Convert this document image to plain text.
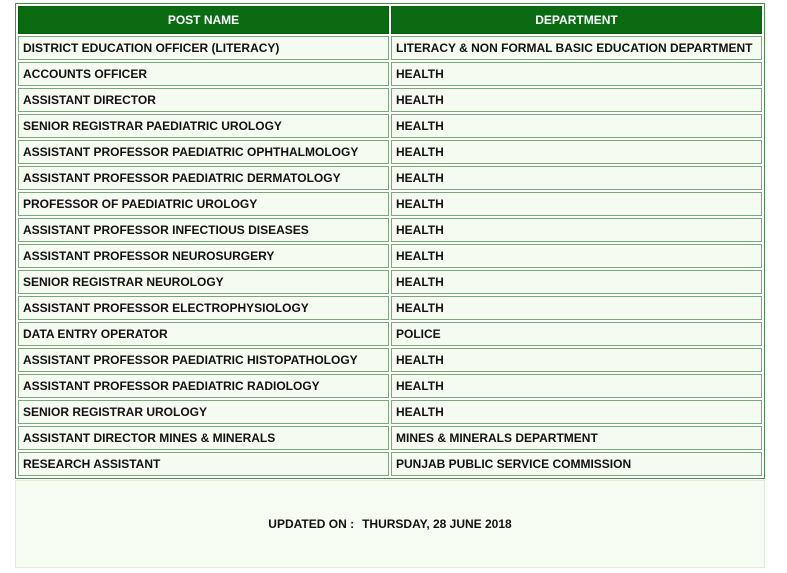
POST NAME	DEPARTMENT
DISTRICT EDUCATION OFFICER (LITERACY)	LITERACY & NON FORMAL BASIC EDUCATION DEPARTMENT
ACCOUNTS OFFICER	HEALTH
ASSISTANT DIRECTOR	HEALTH
SENIOR REGISTRAR PAEDIATRIC UROLOGY	HEALTH
ASSISTANT PROFESSOR PAEDIATRIC OPHTHALMOLOGY	HEALTH
ASSISTANT PROFESSOR PAEDIATRIC DERMATOLOGY	HEALTH
PROFESSOR OF PAEDIATRIC UROLOGY	HEALTH
ASSISTANT PROFESSOR INFECTIOUS DISEASES	HEALTH
ASSISTANT PROFESSOR NEUROSURGERY	HEALTH
SENIOR REGISTRAR NEUROLOGY	HEALTH
ASSISTANT PROFESSOR ELECTROPHYSIOLOGY	HEALTH
DATA ENTRY OPERATOR	POLICE
ASSISTANT PROFESSOR PAEDIATRIC HISTOPATHOLOGY	HEALTH
ASSISTANT PROFESSOR PAEDIATRIC RADIOLOGY	HEALTH
SENIOR REGISTRAR UROLOGY	HEALTH
ASSISTANT DIRECTOR MINES & MINERALS	MINES & MINERALS DEPARTMENT
RESEARCH ASSISTANT	PUNJAB PUBLIC SERVICE COMMISSION
UPDATED ON : THURSDAY, 28 JUNE 2018
